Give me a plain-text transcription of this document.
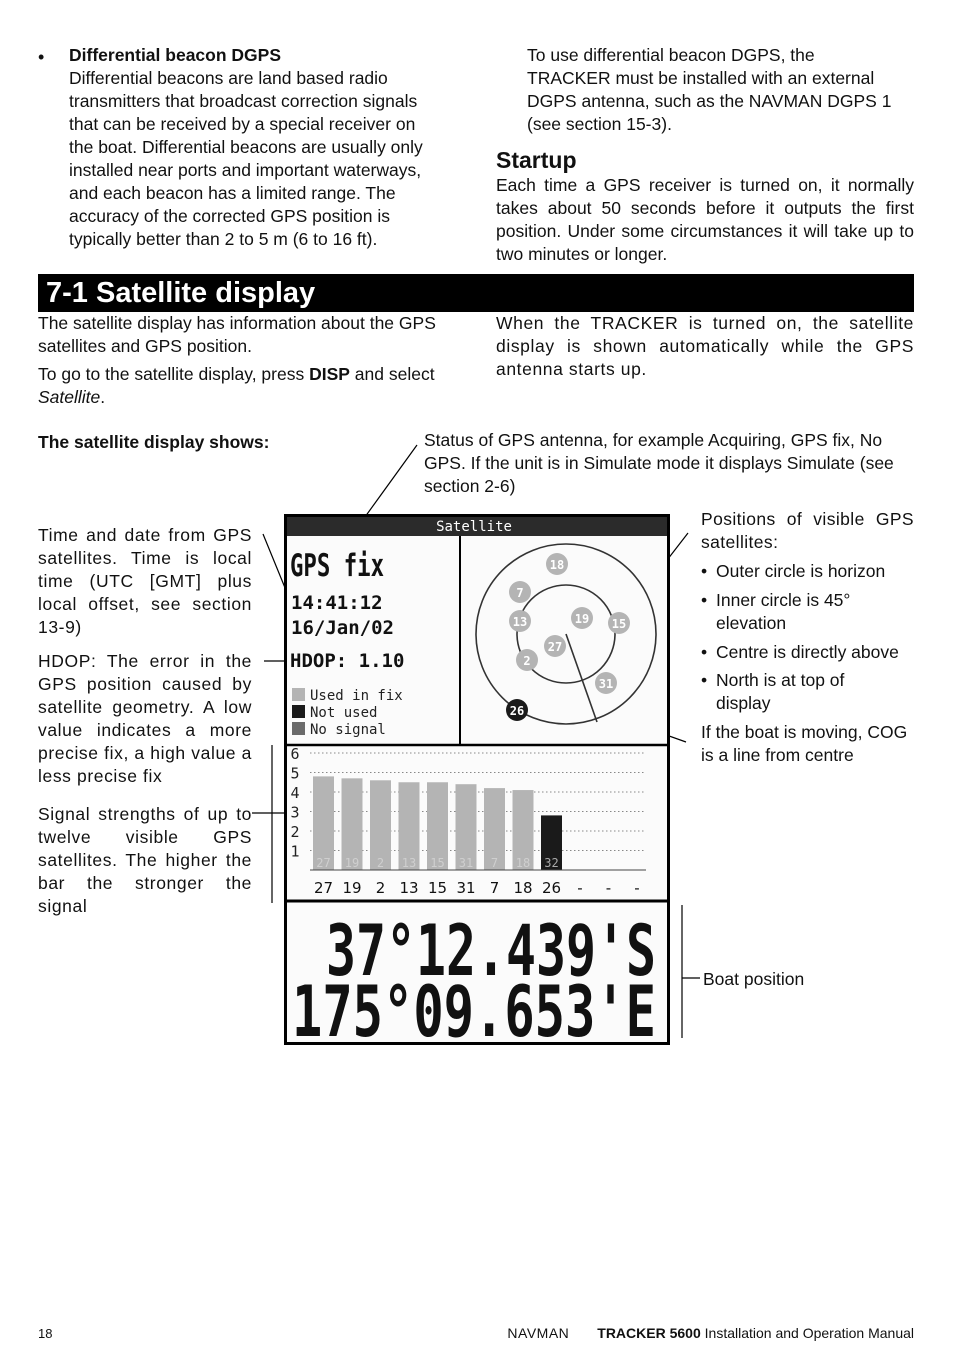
• Differential beacon DGPS

Differential beacons are land based radio

transmitters that broadcast correction signals

that can be received by a special receiver on

the boat. Differential beacons are usually only

installed near ports and important waterways,

and each beacon has a limited range. The

accuracy of the corrected GPS position is

typically better than 2 to 5 m (6 to 16 ft).

To use differential beacon DGPS, the

TRACKER must be installed with an external

DGPS antenna, such as the NAVMAN DGPS 1

(see section 15-3).

Startup

Each time a GPS receiver is turned on, it normally takes about 50 seconds before it outputs the first position. Under some circumstances it will take up to two minutes or longer.

7-1 Satellite display

The satellite display has information about the GPS satellites and GPS position.

To go to the satellite display, press DISP and select
Satellite.

When the TRACKER is turned on, the satellite display is shown automatically while the GPS antenna starts up.

The satellite display shows:	Status of GPS antenna, for example Acquiring, GPS fix, No GPS. If the unit is in Simulate mode it displays Simulate (see section 2-6)

Time and date from GPS satellites. Time is local time (UTC [GMT] plus local offset, see section 13-9)

HDOP: The error in the GPS position caused by satellite geometry. A low value indicates a more precise fix, a high value a less precise fix

Signal strengths of up to twelve visible GPS satellites. The higher the bar the stronger the signal

Positions of visible GPS satellites:

• Outer circle is horizon

• Inner circle is 45° elevation

• Centre is directly above

• North is at top of display

If the boat is moving, COG is a line from centre

Boat position

Satellite
GPS fix
14:41:12
16/Jan/02
HDOP: 1.10
Used in fix
Not used
No signal
7
18
13	19 15
27
2
31
26
1
2
3
4
5
6
27 19 2 13 15 31 7 18 32
27 19 2 13 15 31 7 18 26 - - -
37°12.439'S
175°09.653'E
18	NAVMAN TRACKER 5600 Installation and Operation Manual
